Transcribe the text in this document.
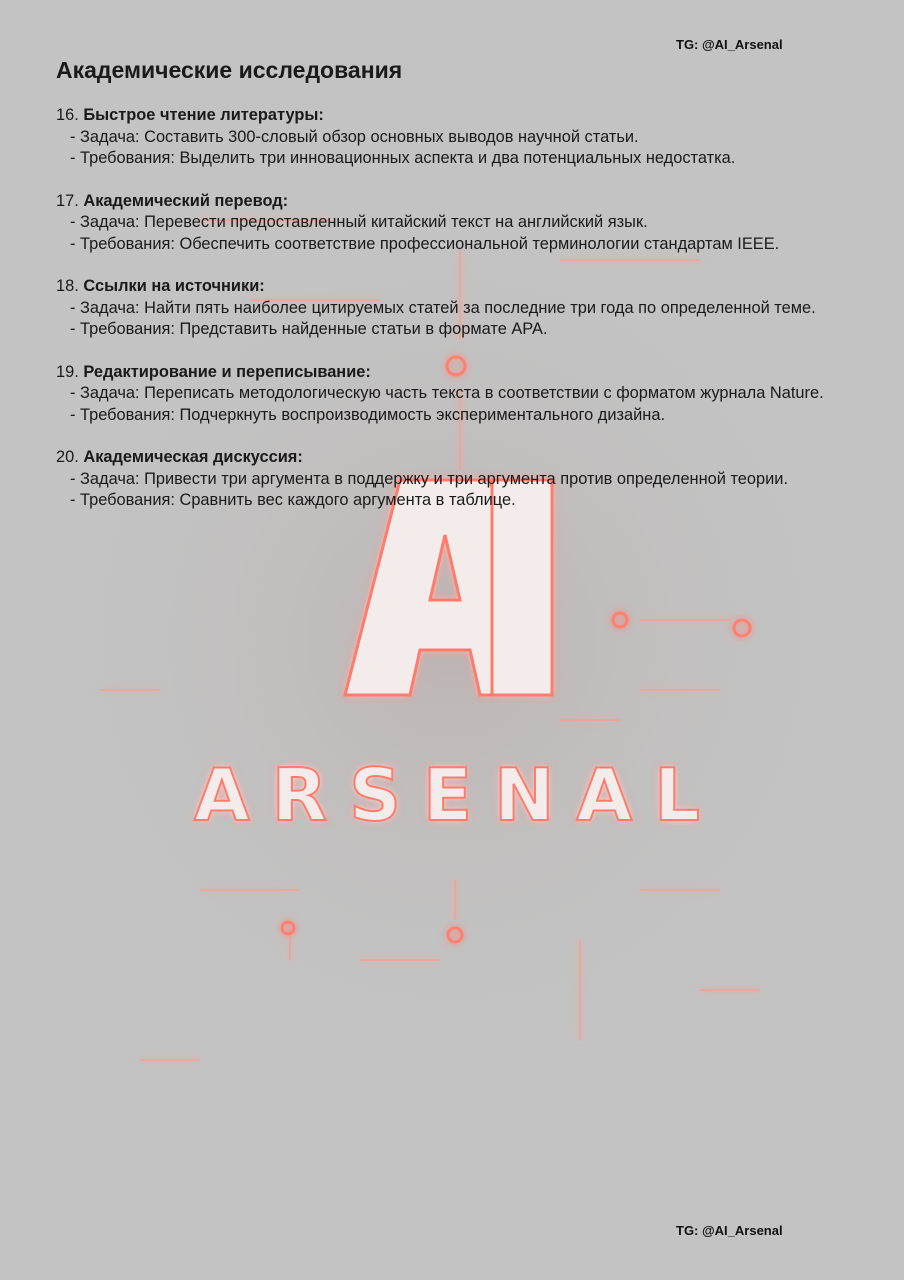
ARSENAL
TG: @AI_Arsenal
Академические исследования
16. Быстрое чтение литературы:
- Задача: Составить 300-словый обзор основных выводов научной статьи.
- Требования: Выделить три инновационных аспекта и два потенциальных недостатка.
17. Академический перевод:
- Задача: Перевести предоставленный китайский текст на английский язык.
- Требования: Обеспечить соответствие профессиональной терминологии стандартам IEEE.
18. Ссылки на источники:
- Задача: Найти пять наиболее цитируемых статей за последние три года по определенной теме.
- Требования: Представить найденные статьи в формате APA.
19. Редактирование и переписывание:
- Задача: Переписать методологическую часть текста в соответствии с форматом журнала Nature.
- Требования: Подчеркнуть воспроизводимость экспериментального дизайна.
20. Академическая дискуссия:
- Задача: Привести три аргумента в поддержку и три аргумента против определенной теории.
- Требования: Сравнить вес каждого аргумента в таблице.
TG: @AI_Arsenal
